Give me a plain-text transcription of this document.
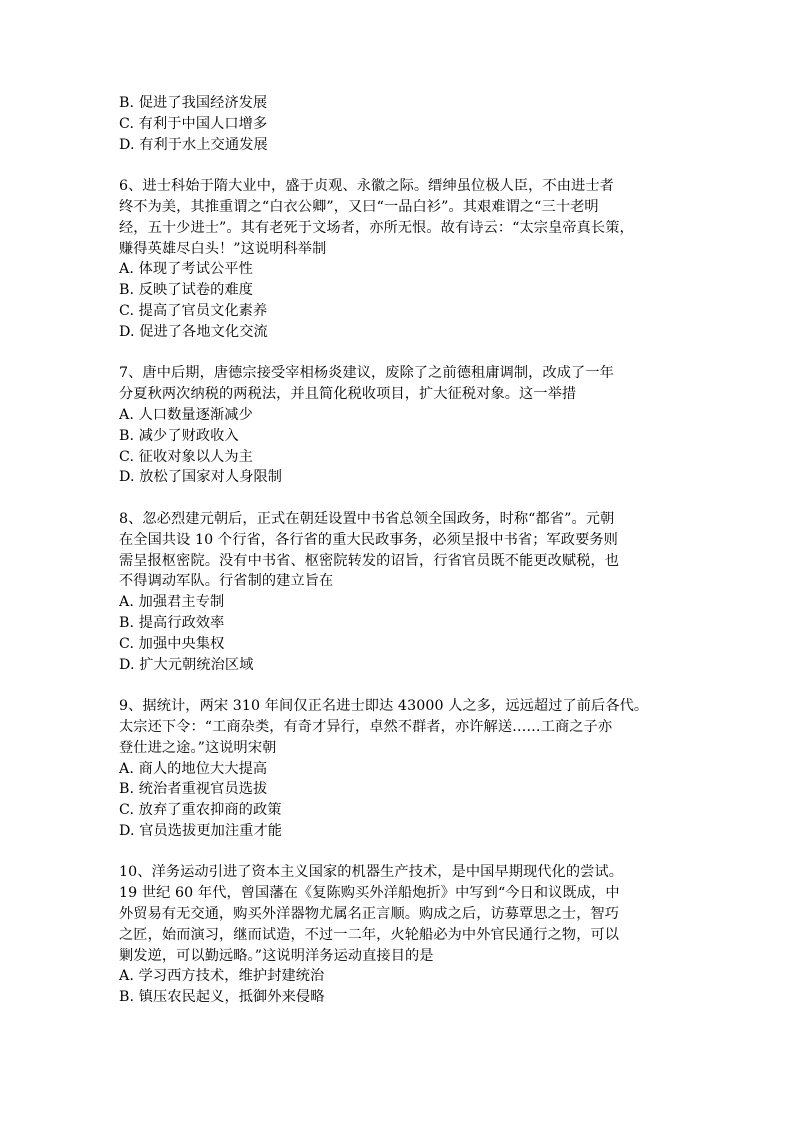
B. 促进了我国经济发展
C. 有利于中国人口增多
D. 有利于水上交通发展
6、进士科始于隋大业中，盛于贞观、永徽之际。缙绅虽位极人臣，不由进士者
终不为美，其推重谓之“白衣公卿”，又曰“一品白衫”。其艰难谓之“三十老明
经，五十少进士”。其有老死于文场者，亦所无恨。故有诗云：“太宗皇帝真长策，
赚得英雄尽白头！”这说明科举制
A. 体现了考试公平性
B. 反映了试卷的难度
C. 提高了官员文化素养
D. 促进了各地文化交流
7、唐中后期，唐德宗接受宰相杨炎建议，废除了之前德租庸调制，改成了一年
分夏秋两次纳税的两税法，并且简化税收项目，扩大征税对象。这一举措
A. 人口数量逐渐减少
B. 减少了财政收入
C. 征收对象以人为主
D. 放松了国家对人身限制
8、忽必烈建元朝后，正式在朝廷设置中书省总领全国政务，时称“都省”。元朝
在全国共设 10 个行省，各行省的重大民政事务，必须呈报中书省；军政要务则
需呈报枢密院。没有中书省、枢密院转发的诏旨，行省官员既不能更改赋税，也
不得调动军队。行省制的建立旨在
A. 加强君主专制
B. 提高行政效率
C. 加强中央集权
D. 扩大元朝统治区域
9、据统计，两宋 310 年间仅正名进士即达 43000 人之多，远远超过了前后各代。
太宗还下令：“工商杂类，有奇才异行，卓然不群者，亦许解送……工商之子亦
登仕进之途。”这说明宋朝
A. 商人的地位大大提高
B. 统治者重视官员选拔
C. 放弃了重农抑商的政策
D. 官员选拔更加注重才能
10、洋务运动引进了资本主义国家的机器生产技术，是中国早期现代化的尝试。
19 世纪 60 年代，曾国藩在《复陈购买外洋船炮折》中写到“今日和议既成，中
外贸易有无交通，购买外洋器物尤属名正言顺。购成之后，访募覃思之士，智巧
之匠，始而演习，继而试造，不过一二年，火轮船必为中外官民通行之物，可以
剿发逆，可以勤远略。”这说明洋务运动直接目的是
A. 学习西方技术，维护封建统治
B. 镇压农民起义，抵御外来侵略
